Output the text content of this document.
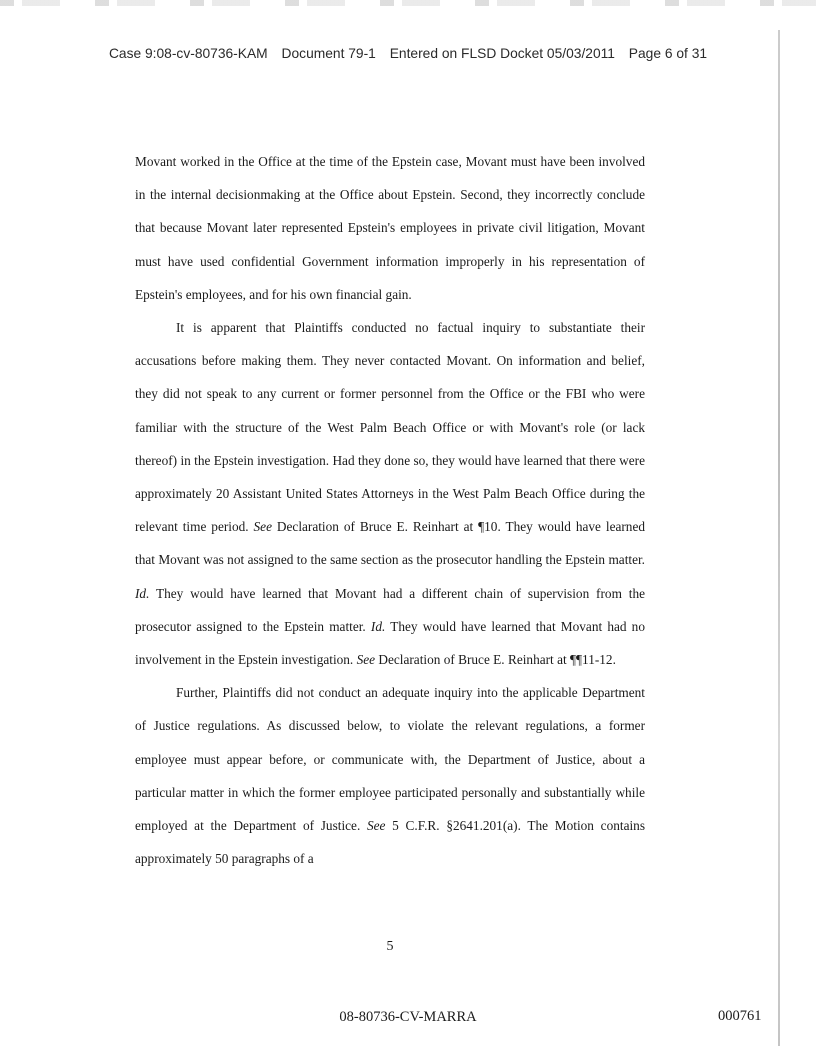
Case 9:08-cv-80736-KAM Document 79-1 Entered on FLSD Docket 05/03/2011 Page 6 of 31

Movant worked in the Office at the time of the Epstein case, Movant must have been involved in the internal decisionmaking at the Office about Epstein. Second, they incorrectly conclude that because Movant later represented Epstein's employees in private civil litigation, Movant must have used confidential Government information improperly in his representation of Epstein's employees, and for his own financial gain.

It is apparent that Plaintiffs conducted no factual inquiry to substantiate their accusations before making them. They never contacted Movant. On information and belief, they did not speak to any current or former personnel from the Office or the FBI who were familiar with the structure of the West Palm Beach Office or with Movant's role (or lack thereof) in the Epstein investigation. Had they done so, they would have learned that there were approximately 20 Assistant United States Attorneys in the West Palm Beach Office during the relevant time period. See Declaration of Bruce E. Reinhart at ¶10. They would have learned that Movant was not assigned to the same section as the prosecutor handling the Epstein matter. Id. They would have learned that Movant had a different chain of supervision from the prosecutor assigned to the Epstein matter. Id. They would have learned that Movant had no involvement in the Epstein investigation. See Declaration of Bruce E. Reinhart at ¶¶11-12.

Further, Plaintiffs did not conduct an adequate inquiry into the applicable Department of Justice regulations. As discussed below, to violate the relevant regulations, a former employee must appear before, or communicate with, the Department of Justice, about a particular matter in which the former employee participated personally and substantially while employed at the Department of Justice. See 5 C.F.R. §2641.201(a). The Motion contains approximately 50 paragraphs of a

5
08-80736-CV-MARRA	000761
